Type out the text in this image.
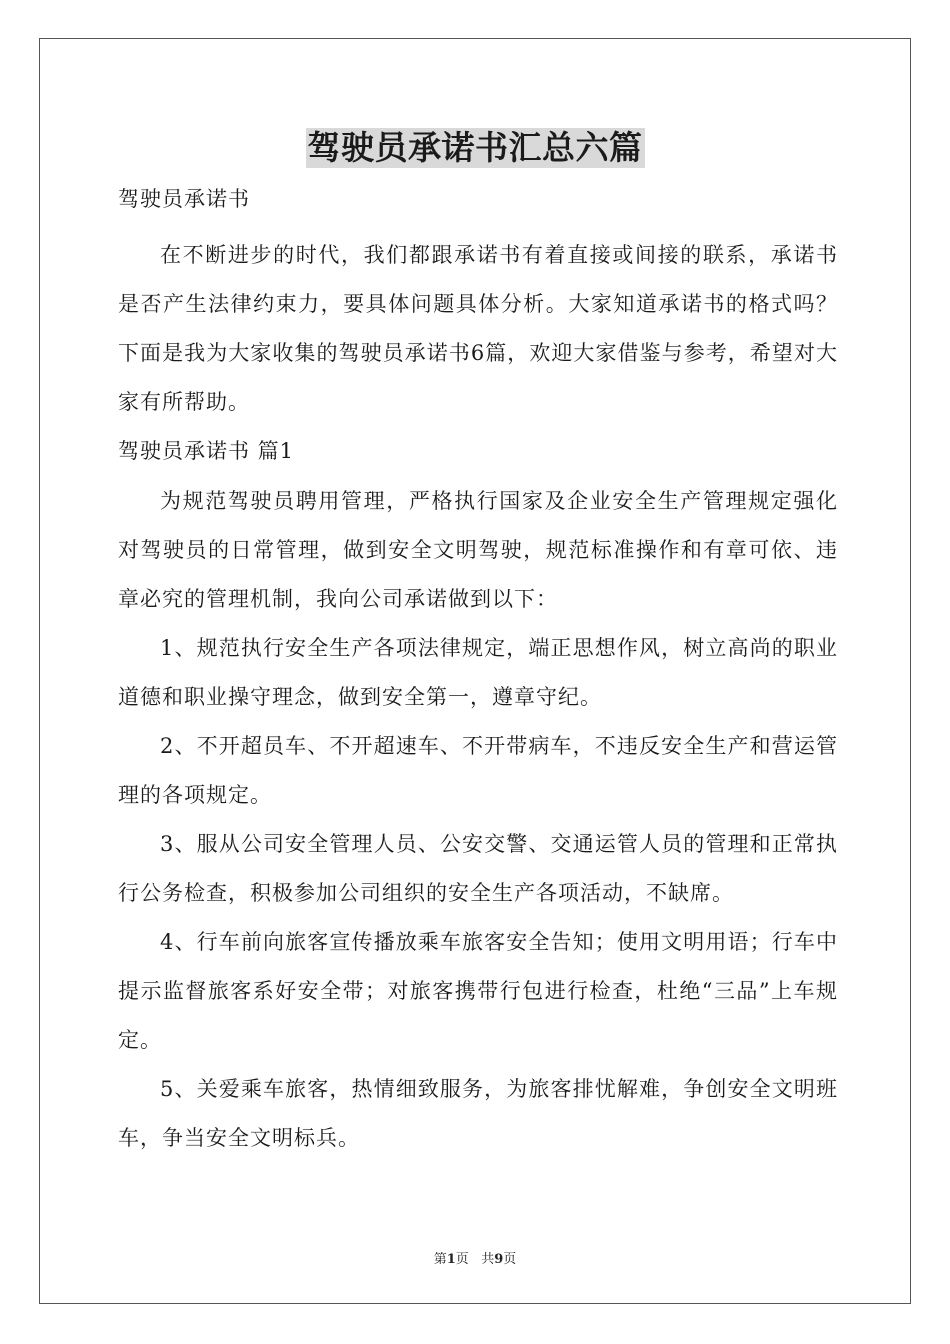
驾驶员承诺书汇总六篇
驾驶员承诺书

在不断进步的时代，我们都跟承诺书有着直接或间接的联系，承诺书是否产生法律约束力，要具体问题具体分析。大家知道承诺书的格式吗？下面是我为大家收集的驾驶员承诺书6篇，欢迎大家借鉴与参考，希望对大家有所帮助。

驾驶员承诺书 篇1

为规范驾驶员聘用管理，严格执行国家及企业安全生产管理规定强化对驾驶员的日常管理，做到安全文明驾驶，规范标准操作和有章可依、违章必究的管理机制，我向公司承诺做到以下：

1、规范执行安全生产各项法律规定，端正思想作风，树立高尚的职业道德和职业操守理念，做到安全第一，遵章守纪。

2、不开超员车、不开超速车、不开带病车，不违反安全生产和营运管理的各项规定。

3、服从公司安全管理人员、公安交警、交通运管人员的管理和正常执行公务检查，积极参加公司组织的安全生产各项活动，不缺席。

4、行车前向旅客宣传播放乘车旅客安全告知；使用文明用语；行车中提示监督旅客系好安全带；对旅客携带行包进行检查，杜绝“三品”上车规定。

5、关爱乘车旅客，热情细致服务，为旅客排忧解难，争创安全文明班车，争当安全文明标兵。

第1页 共9页
